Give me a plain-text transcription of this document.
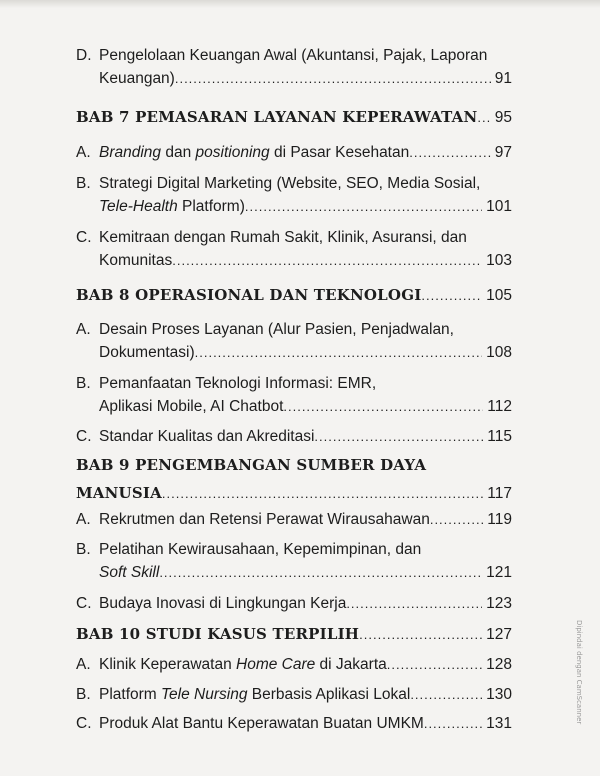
D. Pengelolaan Keuangan Awal (Akuntansi, Pajak, Laporan
Keuangan) .....	91
BAB 7 PEMASARAN LAYANAN KEPERAWATAN ..... 95
A. Branding dan positioning di Pasar Kesehatan .....	97
B. Strategi Digital Marketing (Website, SEO, Media Sosial,
Tele-Health Platform) .....	101
C. Kemitraan dengan Rumah Sakit, Klinik, Asuransi, dan
Komunitas .....	103
BAB 8 OPERASIONAL DAN TEKNOLOGI .....	105
A. Desain Proses Layanan (Alur Pasien, Penjadwalan,
Dokumentasi) .....	108
B. Pemanfaatan Teknologi Informasi: EMR,
Aplikasi Mobile, AI Chatbot .....	112
C. Standar Kualitas dan Akreditasi .....	115
BAB 9 PENGEMBANGAN SUMBER DAYA
MANUSIA .....	117
A. Rekrutmen dan Retensi Perawat Wirausahawan .....	119
B. Pelatihan Kewirausahaan, Kepemimpinan, dan
Soft Skill .....	121
C. Budaya Inovasi di Lingkungan Kerja .....	123
BAB 10 STUDI KASUS TERPILIH .....	127
A. Klinik Keperawatan Home Care di Jakarta .....	128
B. Platform Tele Nursing Berbasis Aplikasi Lokal .....	130
C. Produk Alat Bantu Keperawatan Buatan UMKM .....	131	Dipindai dengan CamScanner
